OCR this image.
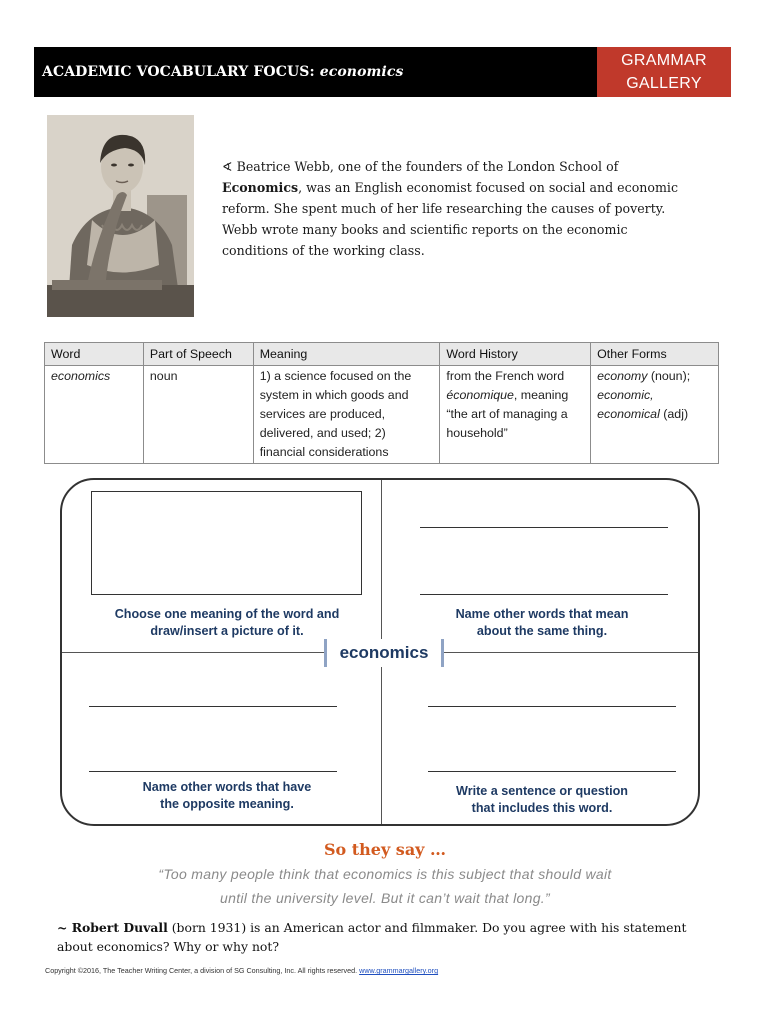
ACADEMIC VOCABULARY FOCUS: economics
GRAMMAR
GALLERY
∢ Beatrice Webb, one of the founders of the London School of
Economics, was an English economist focused on social and economic reform. She spent much of her life researching the causes of poverty. Webb wrote many books and scientific reports on the economic conditions of the working class.
Word	Part of Speech	Meaning	Word History	Other Forms
economics	noun	1) a science focused on the system in which goods and services are produced, delivered, and used; 2) financial considerations	from the French word économique, meaning “the art of managing a household”	economy (noun);
economic,
economical (adj)
Choose one meaning of the word and
draw/insert a picture of it.
Name other words that mean
about the same thing.
Name other words that have
the opposite meaning.
Write a sentence or question
that includes this word.
economics
So they say …
“Too many people think that economics is this subject that should wait
until the university level. But it can’t wait that long.”
~ Robert Duvall (born 1931) is an American actor and filmmaker. Do you agree with his statement about economics? Why or why not?
Copyright ©2016, The Teacher Writing Center, a division of SG Consulting, Inc. All rights reserved. www.grammargallery.org
